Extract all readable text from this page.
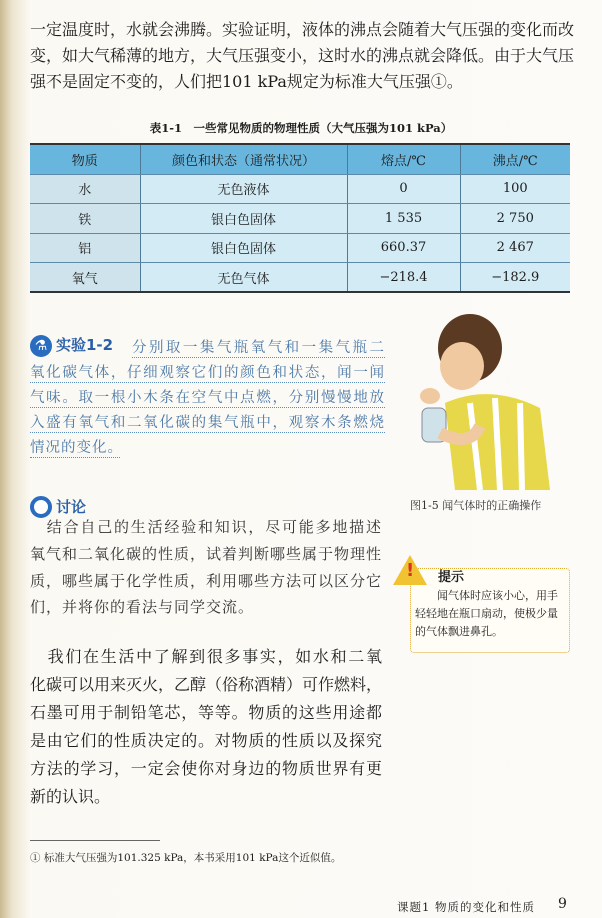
一定温度时，水就会沸腾。实验证明，液体的沸点会随着大气压强的变化而改
变，如大气稀薄的地方，大气压强变小，这时水的沸点就会降低。由于大气压
强不是固定不变的，人们把101 kPa规定为标准大气压强①。
表1-1　一些常见物质的物理性质（大气压强为101 kPa）
物质	颜色和状态（通常状况）	熔点/℃	沸点/℃
水	无色液体	0	100
铁	银白色固体	1 535	2 750
铝	银白色固体	660.37	2 467
氧气	无色气体	−218.4	−182.9
⚗ 实验1-2 分别取一集气瓶氧气和一集气瓶二
氧化碳气体，仔细观察它们的颜色和状态，闻一闻
气味。取一根小木条在空气中点燃，分别慢慢地放
入盛有氧气和二氧化碳的集气瓶中，观察木条燃烧
情况的变化。
图1-5 闻气体时的正确操作
讨论
　结合自己的生活经验和知识，尽可能多地描述
氧气和二氧化碳的性质，试着判断哪些属于物理性
质，哪些属于化学性质，利用哪些方法可以区分它
们，并将你的看法与同学交流。
! 提示
闻气体时应该小心，用手轻轻地在瓶口扇动，使极少量的气体飘进鼻孔。
　我们在生活中了解到很多事实，如水和二氧
化碳可以用来灭火，乙醇（俗称酒精）可作燃料，
石墨可用于制铅笔芯，等等。物质的这些用途都
是由它们的性质决定的。对物质的性质以及探究
方法的学习，一定会使你对身边的物质世界有更
新的认识。
① 标准大气压强为101.325 kPa，本书采用101 kPa这个近似值。
课题1 物质的变化和性质 9
